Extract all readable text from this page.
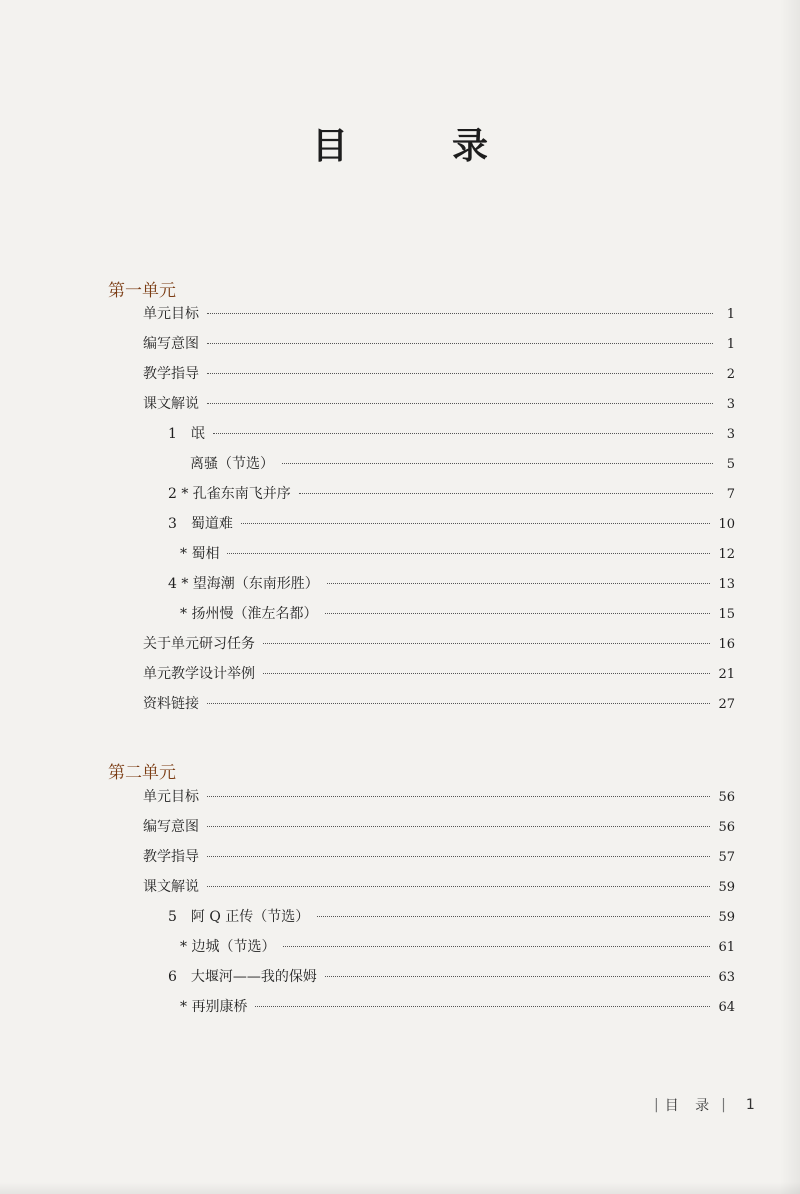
目　录
第一单元
单元目标	1
编写意图	1
教学指导	2
课文解说	3
1　氓	3
离骚（节选）	5
2 * 孔雀东南飞并序	7
3　蜀道难	10
* 蜀相	12
4 * 望海潮（东南形胜）	13
* 扬州慢（淮左名都）	15
关于单元研习任务	16
单元教学设计举例	21
资料链接	27
第二单元
单元目标	56
编写意图	56
教学指导	57
课文解说	59
5　阿 Q 正传（节选）	59
* 边城（节选）	61
6　大堰河——我的保姆	63
* 再别康桥	64
| 目 录 | 1
